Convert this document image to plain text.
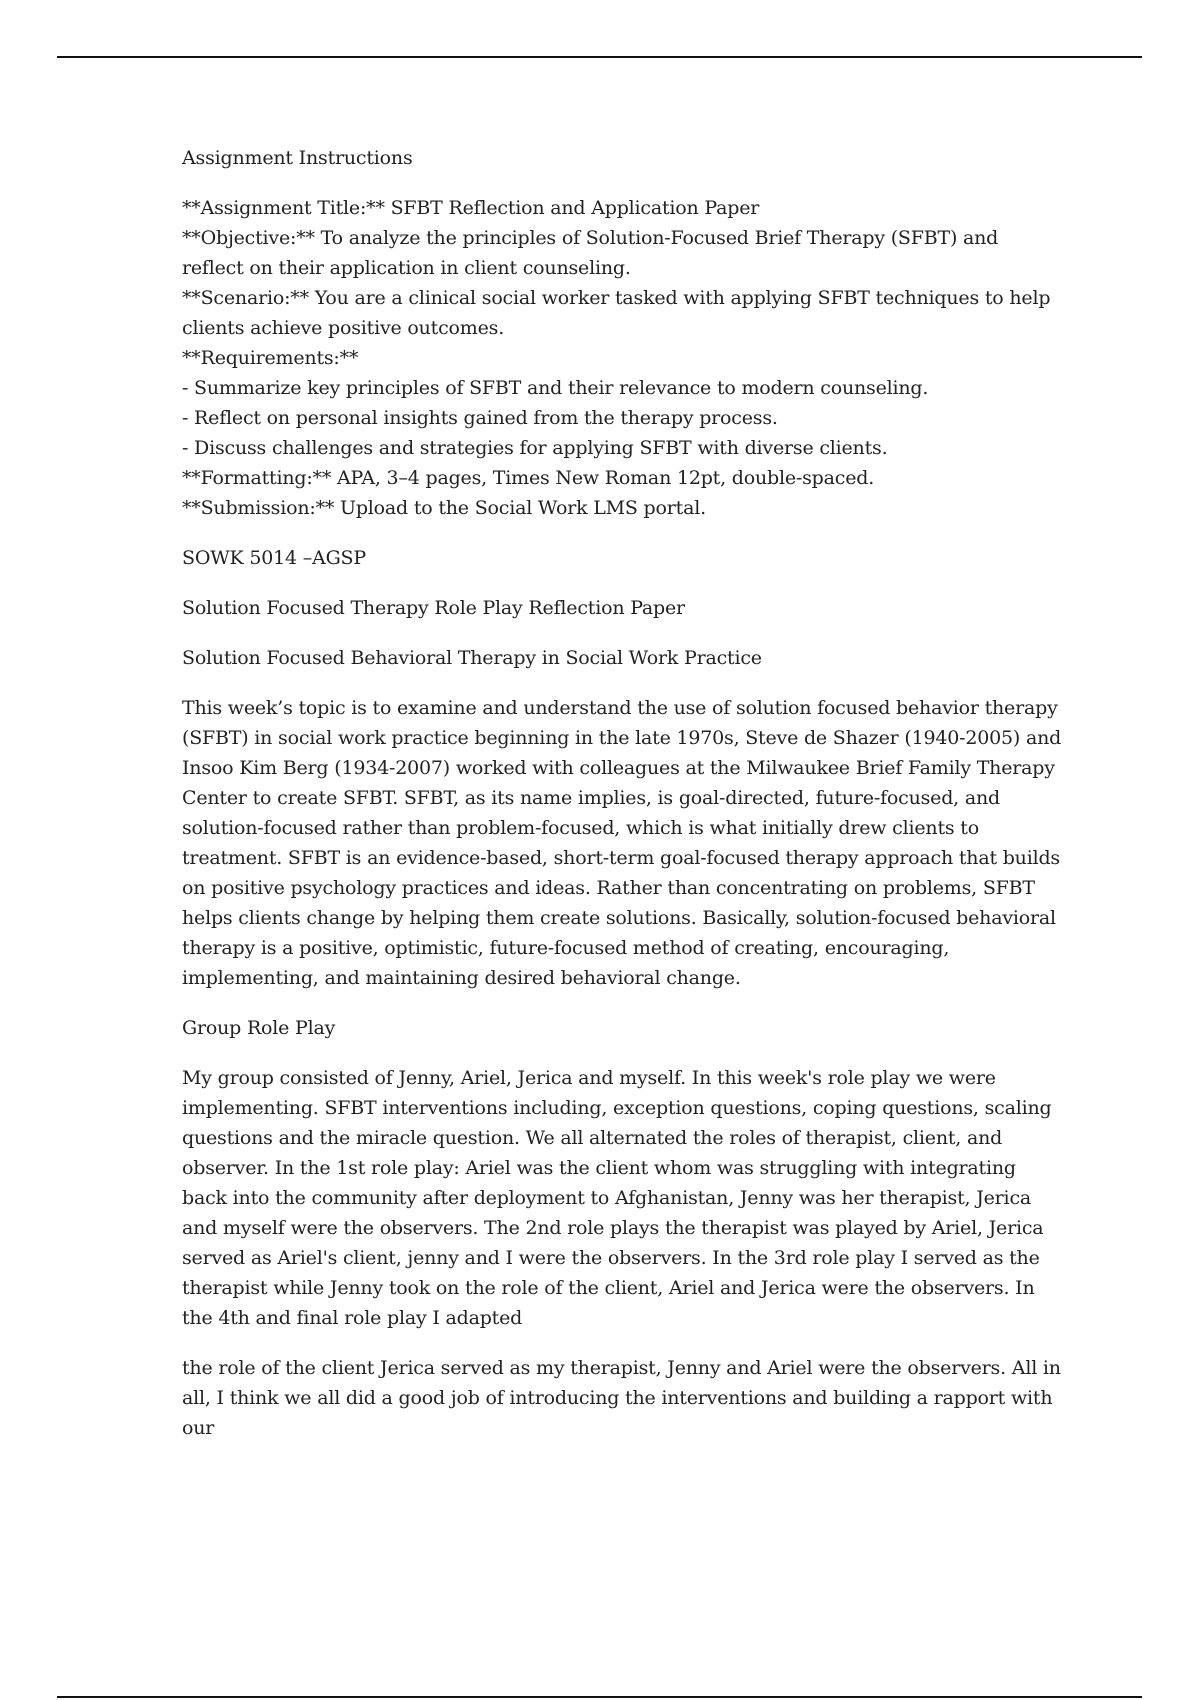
Assignment Instructions

**Assignment Title:** SFBT Reflection and Application Paper
**Objective:** To analyze the principles of Solution-Focused Brief Therapy (SFBT) and reflect on their application in client counseling.
**Scenario:** You are a clinical social worker tasked with applying SFBT techniques to help clients achieve positive outcomes.
**Requirements:**
- Summarize key principles of SFBT and their relevance to modern counseling.
- Reflect on personal insights gained from the therapy process.
- Discuss challenges and strategies for applying SFBT with diverse clients.
**Formatting:** APA, 3–4 pages, Times New Roman 12pt, double-spaced.
**Submission:** Upload to the Social Work LMS portal.

SOWK 5014 –AGSP

Solution Focused Therapy Role Play Reflection Paper

Solution Focused Behavioral Therapy in Social Work Practice

This week’s topic is to examine and understand the use of solution focused behavior therapy (SFBT) in social work practice beginning in the late 1970s, Steve de Shazer (1940-2005) and Insoo Kim Berg (1934-2007) worked with colleagues at the Milwaukee Brief Family Therapy Center to create SFBT. SFBT, as its name implies, is goal-directed, future-focused, and solution-focused rather than problem-focused, which is what initially drew clients to treatment. SFBT is an evidence-based, short-term goal-focused therapy approach that builds on positive psychology practices and ideas. Rather than concentrating on problems, SFBT helps clients change by helping them create solutions. Basically, solution-focused behavioral therapy is a positive, optimistic, future-focused method of creating, encouraging, implementing, and maintaining desired behavioral change.

Group Role Play

My group consisted of Jenny, Ariel, Jerica and myself. In this week's role play we were implementing. SFBT interventions including, exception questions, coping questions, scaling questions and the miracle question. We all alternated the roles of therapist, client, and observer. In the 1st role play: Ariel was the client whom was struggling with integrating back into the community after deployment to Afghanistan, Jenny was her therapist, Jerica and myself were the observers. The 2nd role plays the therapist was played by Ariel, Jerica served as Ariel's client, jenny and I were the observers. In the 3rd role play I served as the therapist while Jenny took on the role of the client, Ariel and Jerica were the observers. In the 4th and final role play I adapted

the role of the client Jerica served as my therapist, Jenny and Ariel were the observers. All in all, I think we all did a good job of introducing the interventions and building a rapport with our
